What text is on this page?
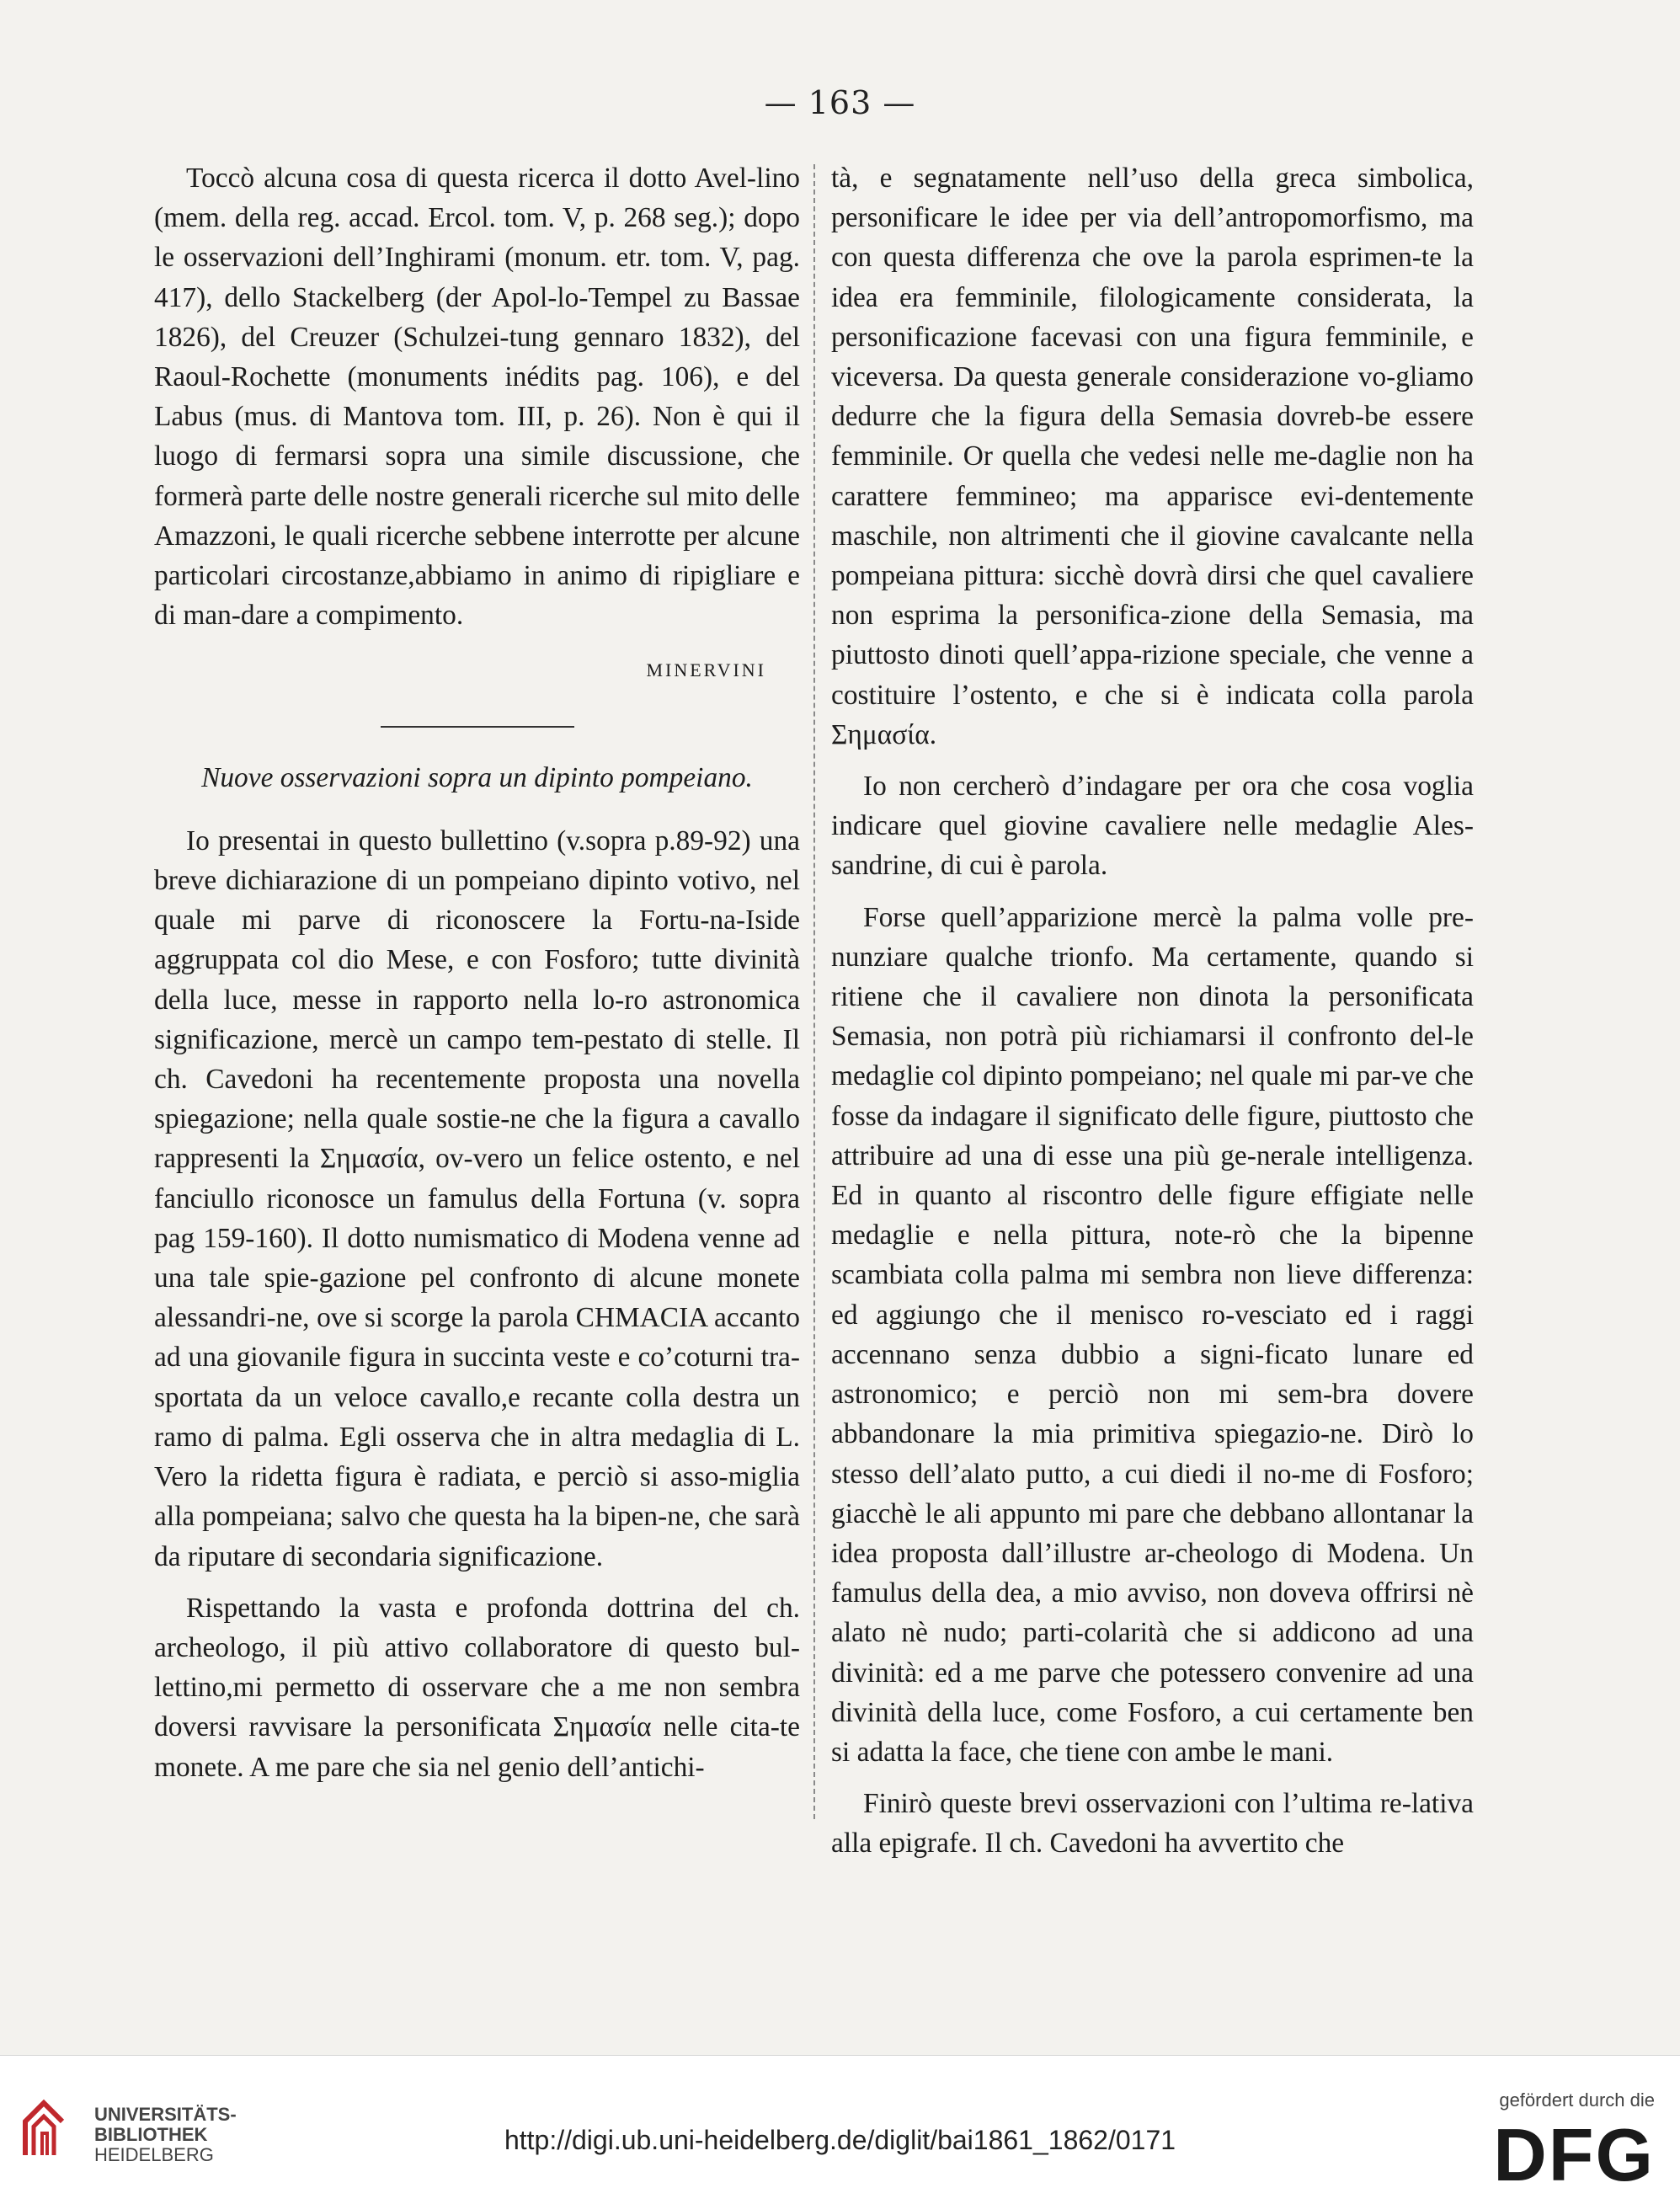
— 163 —

Toccò alcuna cosa di questa ricerca il dotto Avel-lino (mem. della reg. accad. Ercol. tom. V, p. 268 seg.); dopo le osservazioni dell’Inghirami (monum. etr. tom. V, pag. 417), dello Stackelberg (der Apol-lo-Tempel zu Bassae 1826), del Creuzer (Schulzei-tung gennaro 1832), del Raoul-Rochette (monuments inédits pag. 106), e del Labus (mus. di Mantova tom. III, p. 26). Non è qui il luogo di fermarsi sopra una simile discussione, che formerà parte delle nostre generali ricerche sul mito delle Amazzoni, le quali ricerche sebbene interrotte per alcune particolari circostanze,abbiamo in animo di ripigliare e di man-dare a compimento.

MINERVINI

Nuove osservazioni sopra un dipinto pompeiano.

Io presentai in questo bullettino (v.sopra p.89-92) una breve dichiarazione di un pompeiano dipinto votivo, nel quale mi parve di riconoscere la Fortu-na-Iside aggruppata col dio Mese, e con Fosforo; tutte divinità della luce, messe in rapporto nella lo-ro astronomica significazione, mercè un campo tem-pestato di stelle. Il ch. Cavedoni ha recentemente proposta una novella spiegazione; nella quale sostie-ne che la figura a cavallo rappresenti la Σημασία, ov-vero un felice ostento, e nel fanciullo riconosce un famulus della Fortuna (v. sopra pag 159-160). Il dotto numismatico di Modena venne ad una tale spie-gazione pel confronto di alcune monete alessandri-ne, ove si scorge la parola CHMACIA accanto ad una giovanile figura in succinta veste e co’coturni tra-sportata da un veloce cavallo,e recante colla destra un ramo di palma. Egli osserva che in altra medaglia di L. Vero la ridetta figura è radiata, e perciò si asso-miglia alla pompeiana; salvo che questa ha la bipen-ne, che sarà da riputare di secondaria significazione.

Rispettando la vasta e profonda dottrina del ch. archeologo, il più attivo collaboratore di questo bul-lettino,mi permetto di osservare che a me non sembra doversi ravvisare la personificata Σημασία nelle cita-te monete. A me pare che sia nel genio dell’antichi-

tà, e segnatamente nell’uso della greca simbolica, personificare le idee per via dell’antropomorfismo, ma con questa differenza che ove la parola esprimen-te la idea era femminile, filologicamente considerata, la personificazione facevasi con una figura femminile, e viceversa. Da questa generale considerazione vo-gliamo dedurre che la figura della Semasia dovreb-be essere femminile. Or quella che vedesi nelle me-daglie non ha carattere femmineo; ma apparisce evi-dentemente maschile, non altrimenti che il giovine cavalcante nella pompeiana pittura: sicchè dovrà dirsi che quel cavaliere non esprima la personifica-zione della Semasia, ma piuttosto dinoti quell’appa-rizione speciale, che venne a costituire l’ostento, e che si è indicata colla parola Σημασία.

Io non cercherò d’indagare per ora che cosa voglia indicare quel giovine cavaliere nelle medaglie Ales-sandrine, di cui è parola.

Forse quell’apparizione mercè la palma volle pre-nunziare qualche trionfo. Ma certamente, quando si ritiene che il cavaliere non dinota la personificata Semasia, non potrà più richiamarsi il confronto del-le medaglie col dipinto pompeiano; nel quale mi par-ve che fosse da indagare il significato delle figure, piuttosto che attribuire ad una di esse una più ge-nerale intelligenza. Ed in quanto al riscontro delle figure effigiate nelle medaglie e nella pittura, note-rò che la bipenne scambiata colla palma mi sembra non lieve differenza: ed aggiungo che il menisco ro-vesciato ed i raggi accennano senza dubbio a signi-ficato lunare ed astronomico; e perciò non mi sem-bra dovere abbandonare la mia primitiva spiegazio-ne. Dirò lo stesso dell’alato putto, a cui diedi il no-me di Fosforo; giacchè le ali appunto mi pare che debbano allontanar la idea proposta dall’illustre ar-cheologo di Modena. Un famulus della dea, a mio avviso, non doveva offrirsi nè alato nè nudo; parti-colarità che si addicono ad una divinità: ed a me parve che potessero convenire ad una divinità della luce, come Fosforo, a cui certamente ben si adatta la face, che tiene con ambe le mani.

Finirò queste brevi osservazioni con l’ultima re-lativa alla epigrafe. Il ch. Cavedoni ha avvertito che

UNIVERSITÄTS-
BIBLIOTHEK
HEIDELBERG	http://digi.ub.uni-heidelberg.de/diglit/bai1861_1862/0171
gefördert durch die
DFG
